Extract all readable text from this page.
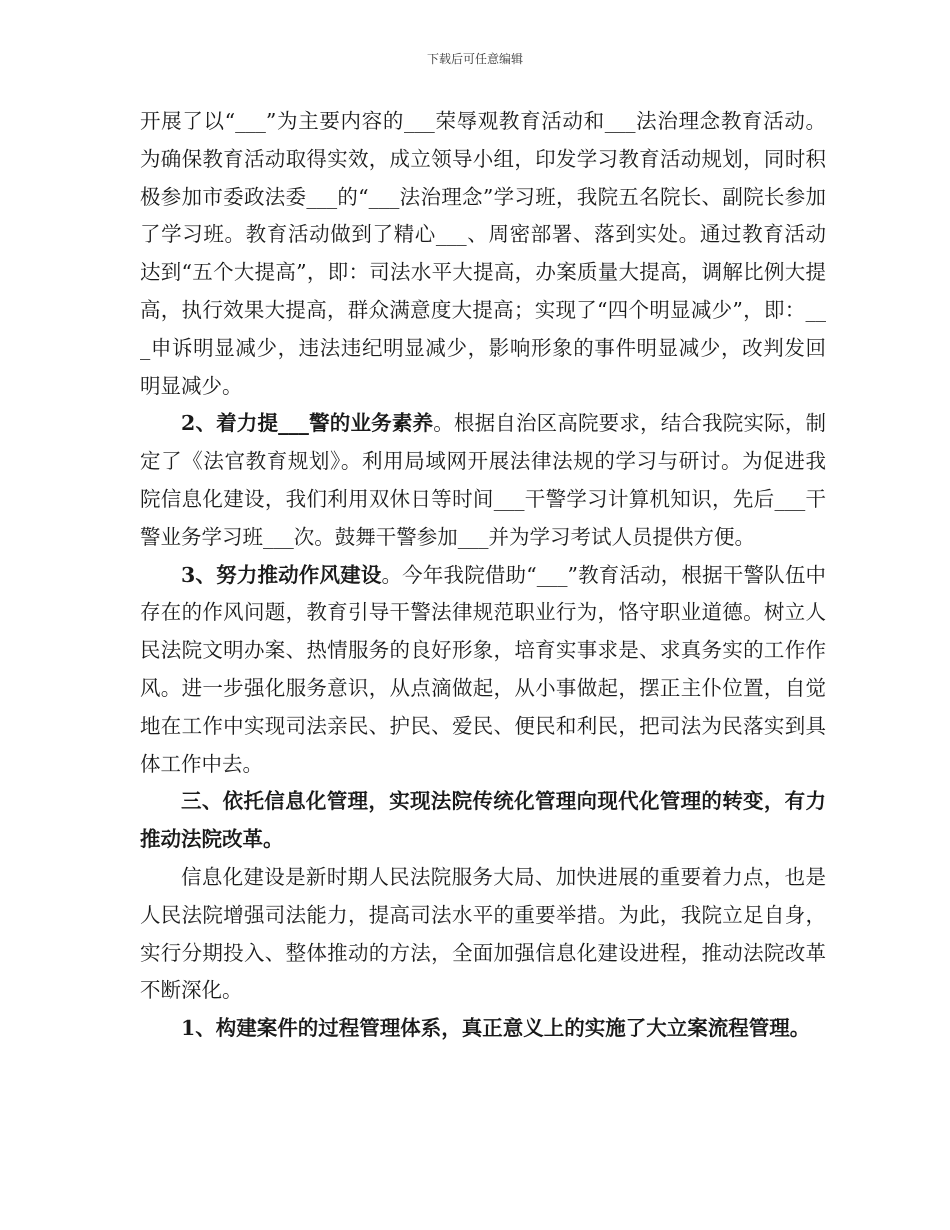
下载后可任意编辑

开展了以“___”为主要内容的___荣辱观教育活动和___法治理念教育活动。为确保教育活动取得实效，成立领导小组，印发学习教育活动规划，同时积极参加市委政法委___的“___法治理念”学习班，我院五名院长、副院长参加了学习班。教育活动做到了精心___、周密部署、落到实处。通过教育活动达到“五个大提高”，即：司法水平大提高，办案质量大提高，调解比例大提高，执行效果大提高，群众满意度大提高；实现了“四个明显减少”，即：___申诉明显减少，违法违纪明显减少，影响形象的事件明显减少，改判发回明显减少。

2、着力提___警的业务素养。根据自治区高院要求，结合我院实际，制定了《法官教育规划》。利用局域网开展法律法规的学习与研讨。为促进我院信息化建设，我们利用双休日等时间___干警学习计算机知识，先后___干警业务学习班___次。鼓舞干警参加___并为学习考试人员提供方便。

3、努力推动作风建设。今年我院借助“___”教育活动，根据干警队伍中存在的作风问题，教育引导干警法律规范职业行为，恪守职业道德。树立人民法院文明办案、热情服务的良好形象，培育实事求是、求真务实的工作作风。进一步强化服务意识，从点滴做起，从小事做起，摆正主仆位置，自觉地在工作中实现司法亲民、护民、爱民、便民和利民，把司法为民落实到具体工作中去。

三、依托信息化管理，实现法院传统化管理向现代化管理的转变，有力推动法院改革。

信息化建设是新时期人民法院服务大局、加快进展的重要着力点，也是人民法院增强司法能力，提高司法水平的重要举措。为此，我院立足自身，实行分期投入、整体推动的方法，全面加强信息化建设进程，推动法院改革不断深化。

1、构建案件的过程管理体系，真正意义上的实施了大立案流程管理。
